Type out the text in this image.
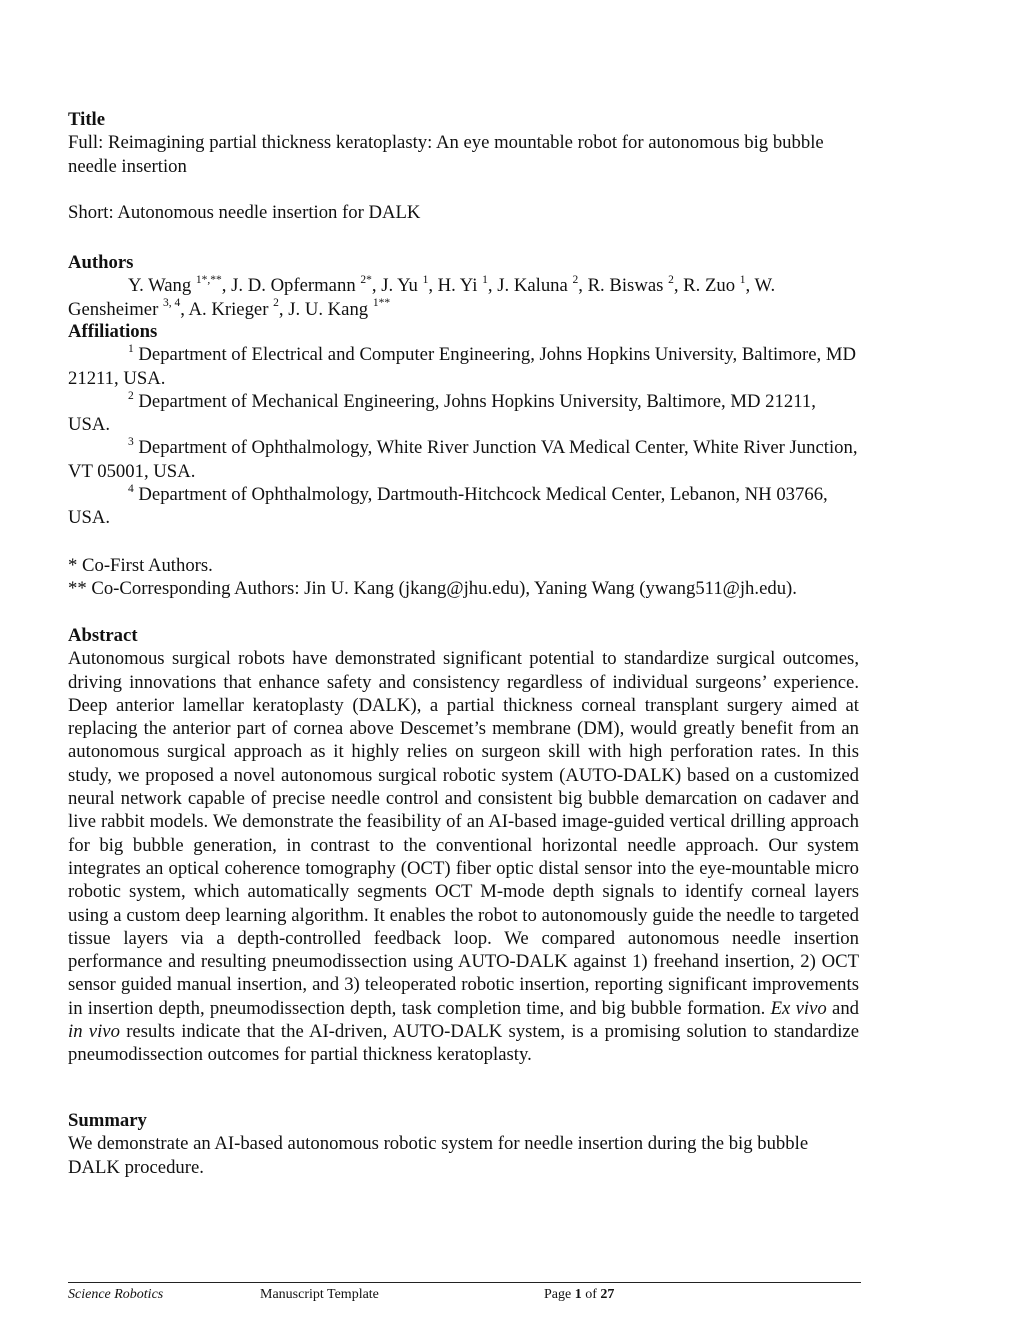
Title

Full: Reimagining partial thickness keratoplasty: An eye mountable robot for autonomous big bubble needle insertion

Short: Autonomous needle insertion for DALK

Authors

Y. Wang $^{1*,**}$, J. D. Opfermann $^{2*}$, J. Yu $^1$, H. Yi $^1$, J. Kaluna $^2$, R. Biswas $^2$, R. Zuo $^1$, W. Gensheimer $^{3, 4}$, A. Krieger $^2$, J. U. Kang $^{1**}$

Affiliations

$^1$ Department of Electrical and Computer Engineering, Johns Hopkins University, Baltimore, MD 21211, USA.

$^2$ Department of Mechanical Engineering, Johns Hopkins University, Baltimore, MD 21211, USA.

$^3$ Department of Ophthalmology, White River Junction VA Medical Center, White River Junction, VT 05001, USA.

$^4$ Department of Ophthalmology, Dartmouth-Hitchcock Medical Center, Lebanon, NH 03766, USA.

* Co-First Authors.

** Co-Corresponding Authors: Jin U. Kang (jkang@jhu.edu), Yaning Wang (ywang511@jh.edu).

Abstract

Autonomous surgical robots have demonstrated significant potential to standardize surgical outcomes, driving innovations that enhance safety and consistency regardless of individual surgeons’ experience. Deep anterior lamellar keratoplasty (DALK), a partial thickness corneal transplant surgery aimed at replacing the anterior part of cornea above Descemet’s membrane (DM), would greatly benefit from an autonomous surgical approach as it highly relies on surgeon skill with high perforation rates. In this study, we proposed a novel autonomous surgical robotic system (AUTO-DALK) based on a customized neural network capable of precise needle control and consistent big bubble demarcation on cadaver and live rabbit models. We demonstrate the feasibility of an AI-based image-guided vertical drilling approach for big bubble generation, in contrast to the conventional horizontal needle approach. Our system integrates an optical coherence tomography (OCT) fiber optic distal sensor into the eye-mountable micro robotic system, which automatically segments OCT M-mode depth signals to identify corneal layers using a custom deep learning algorithm. It enables the robot to autonomously guide the needle to targeted tissue layers via a depth-controlled feedback loop. We compared autonomous needle insertion performance and resulting pneumodissection using AUTO-DALK against 1) freehand insertion, 2) OCT sensor guided manual insertion, and 3) teleoperated robotic insertion, reporting significant improvements in insertion depth, pneumodissection depth, task completion time, and big bubble formation. Ex vivo and in vivo results indicate that the AI-driven, AUTO-DALK system, is a promising solution to standardize pneumodissection outcomes for partial thickness keratoplasty.

Summary

We demonstrate an AI-based autonomous robotic system for needle insertion during the big bubble DALK procedure.

Science Robotics	Manuscript Template	Page 1 of 27
